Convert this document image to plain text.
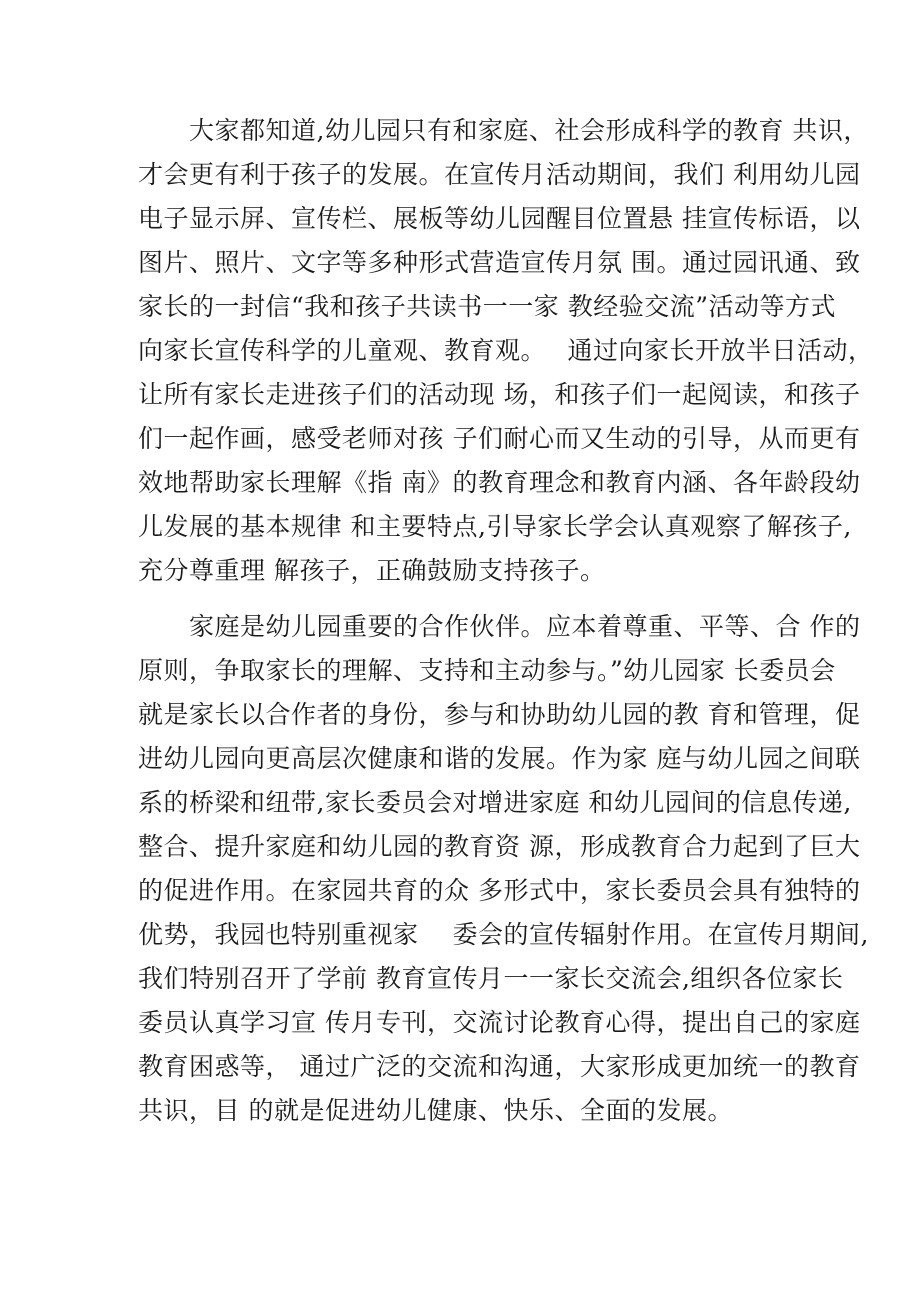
　　大家都知道,幼儿园只有和家庭、社会形成科学的教育 共识，
才会更有利于孩子的发展。在宣传月活动期间，我们 利用幼儿园
电子显示屏、宣传栏、展板等幼儿园醒目位置悬 挂宣传标语，以
图片、照片、文字等多种形式营造宣传月氛 围。通过园讯通、致
家长的一封信“我和孩子共读书一一家 教经验交流”活动等方式
向家长宣传科学的儿童观、教育观。　 通过向家长开放半日活动，
让所有家长走进孩子们的活动现 场，和孩子们一起阅读，和孩子
们一起作画，感受老师对孩 子们耐心而又生动的引导，从而更有
效地帮助家长理解《指 南》的教育理念和教育内涵、各年龄段幼
儿发展的基本规律 和主要特点,引导家长学会认真观察了解孩子,
充分尊重理 解孩子，正确鼓励支持孩子。
　　家庭是幼儿园重要的合作伙伴。应本着尊重、平等、合 作的
原则，争取家长的理解、支持和主动参与。”幼儿园家 长委员会
就是家长以合作者的身份，参与和协助幼儿园的教 育和管理，促
进幼儿园向更高层次健康和谐的发展。作为家 庭与幼儿园之间联
系的桥梁和纽带,家长委员会对增进家庭 和幼儿园间的信息传递,
整合、提升家庭和幼儿园的教育资 源，形成教育合力起到了巨大
的促进作用。在家园共育的众 多形式中，家长委员会具有独特的
优势，我园也特别重视家　 委会的宣传辐射作用。在宣传月期间,
我们特别召开了学前 教育宣传月一一家长交流会,组织各位家长
委员认真学习宣 传月专刊，交流讨论教育心得，提出自己的家庭
教育困惑等， 通过广泛的交流和沟通，大家形成更加统一的教育
共识，目 的就是促进幼儿健康、快乐、全面的发展。
